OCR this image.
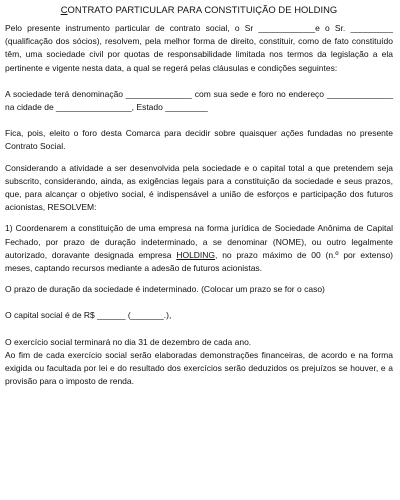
CONTRATO PARTICULAR PARA CONSTITUIÇÃO DE HOLDING

Pelo presente instrumento particular de contrato social, o Sr ____________e o Sr. _________ (qualificação dos sócios), resolvem, pela melhor forma de direito, constituir, como de fato constituído têm, uma sociedade civil por quotas de responsabilidade limitada nos termos da legislação a ela pertinente e vigente nesta data, a qual se regerá pelas cláusulas e condições seguintes:

A sociedade terá denominação ______________ com sua sede e foro no endereço ______________ na cidade de ________________, Estado _________

Fica, pois, eleito o foro desta Comarca para decidir sobre quaisquer ações fundadas no presente Contrato Social.

Considerando a atividade a ser desenvolvida pela sociedade e o capital total a que pretendem seja subscrito, considerando, ainda, as exigências legais para a constituição da sociedade e seus prazos, que, para alcançar o objetivo social, é indispensável a união de esforços e participação dos futuros acionistas, RESOLVEM:

1) Coordenarem a constituição de uma empresa na forma jurídica de Sociedade Anônima de Capital Fechado, por prazo de duração indeterminado, a se denominar (NOME), ou outro legalmente autorizado, doravante designada empresa HOLDING, no prazo máximo de 00 (n.º por extenso) meses, captando recursos mediante a adesão de futuros acionistas.

O prazo de duração da sociedade é indeterminado. (Colocar um prazo se for o caso)

O capital social é de R$ ______ (_______.),

O exercício social terminará no dia 31 de dezembro de cada ano.

Ao fim de cada exercício social serão elaboradas demonstrações financeiras, de acordo e na forma exigida ou facultada por lei e do resultado dos exercícios serão deduzidos os prejuízos se houver, e a provisão para o imposto de renda.
